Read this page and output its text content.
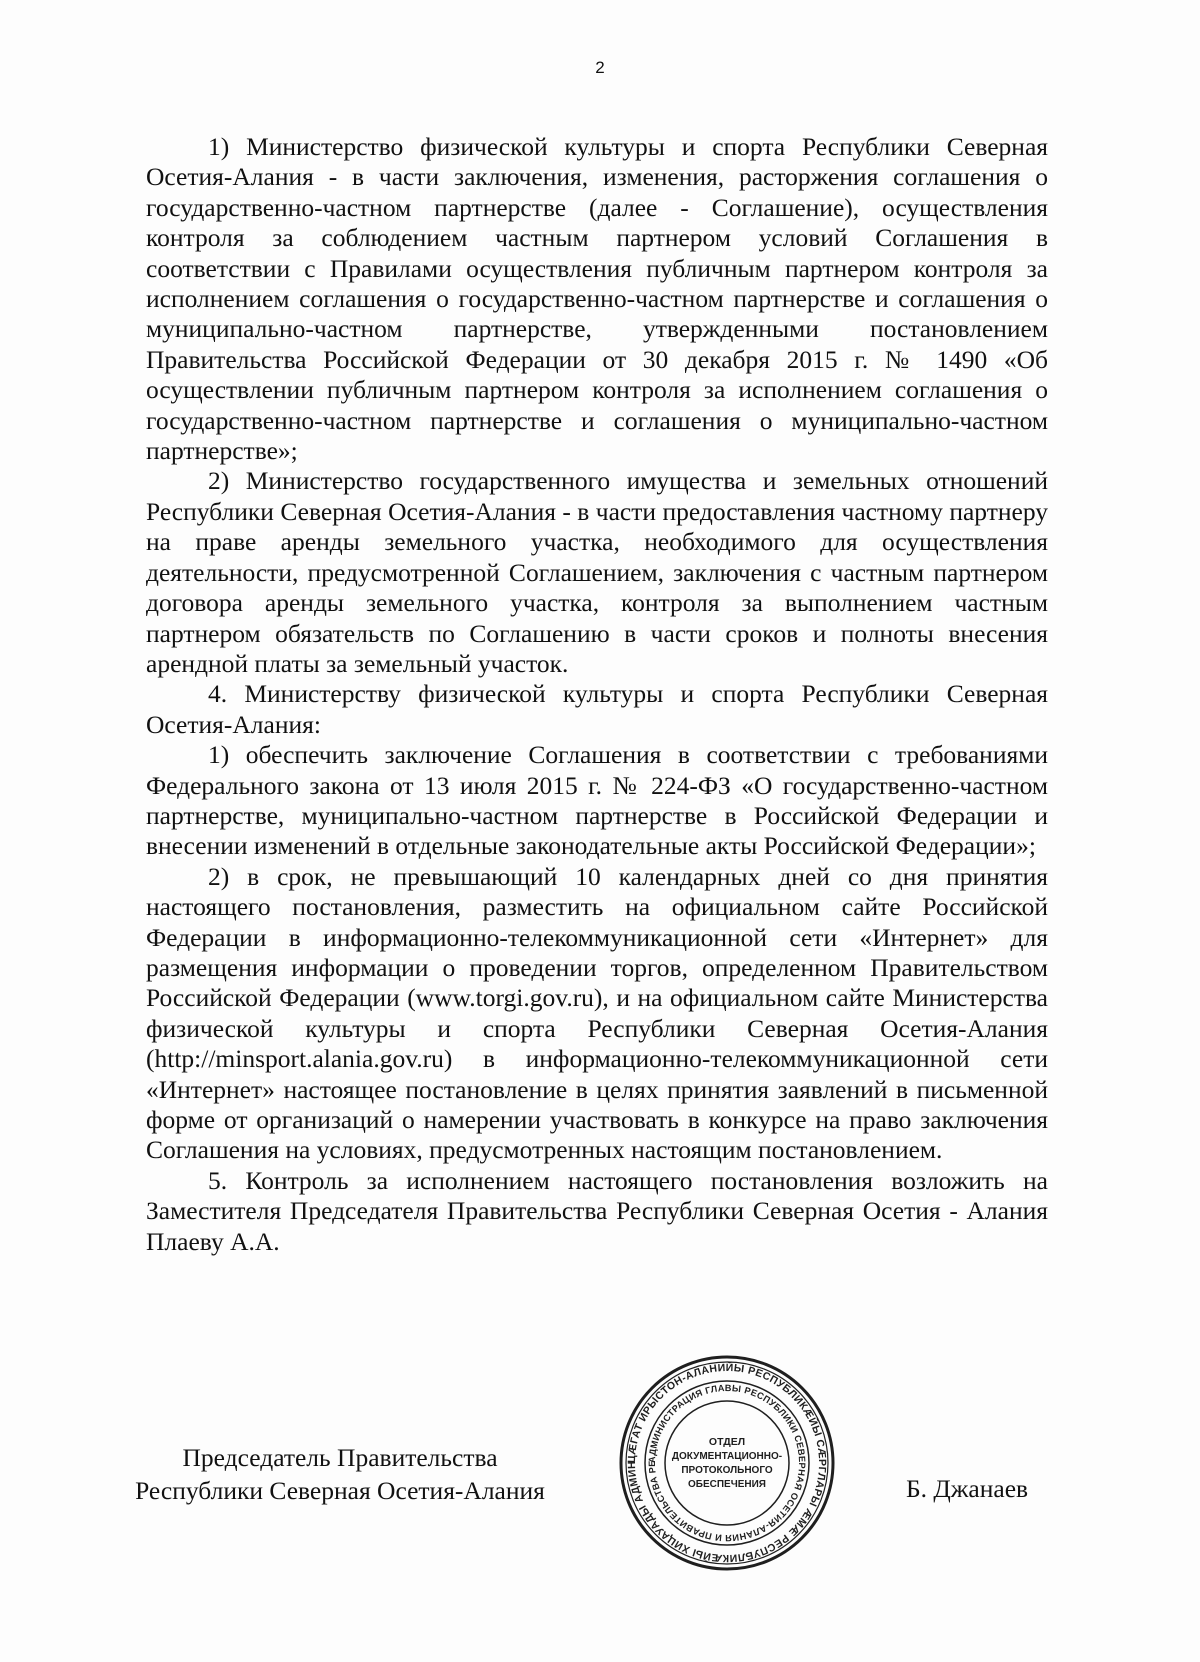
2

1) Министерство физической культуры и спорта Республики Северная Осетия-Алания - в части заключения, изменения, расторжения соглашения о государственно-частном партнерстве (далее - Соглашение), осуществления контроля за соблюдением частным партнером условий Соглашения в соответствии с Правилами осуществления публичным партнером контроля за исполнением соглашения о государственно-частном партнерстве и соглашения о муниципально-частном партнерстве, утвержденными постановлением Правительства Российской Федерации от 30 декабря 2015 г. № 1490 «Об осуществлении публичным партнером контроля за исполнением соглашения о государственно-частном партнерстве и соглашения о муниципально-частном партнерстве»;

2) Министерство государственного имущества и земельных отношений Республики Северная Осетия-Алания - в части предоставления частному партнеру на праве аренды земельного участка, необходимого для осуществления деятельности, предусмотренной Соглашением, заключения с частным партнером договора аренды земельного участка, контроля за выполнением частным партнером обязательств по Соглашению в части сроков и полноты внесения арендной платы за земельный участок.

4. Министерству физической культуры и спорта Республики Северная Осетия-Алания:

1) обеспечить заключение Соглашения в соответствии с требованиями Федерального закона от 13 июля 2015 г. № 224-ФЗ «О государственно-частном партнерстве, муниципально-частном партнерстве в Российской Федерации и внесении изменений в отдельные законодательные акты Российской Федерации»;

2) в срок, не превышающий 10 календарных дней со дня принятия настоящего постановления, разместить на официальном сайте Российской Федерации в информационно-телекоммуникационной сети «Интернет» для размещения информации о проведении торгов, определенном Правительством Российской Федерации (www.torgi.gov.ru), и на официальном сайте Министерства физической культуры и спорта Республики Северная Осетия-Алания (http://minsport.alania.gov.ru) в информационно-телекоммуникационной сети «Интернет» настоящее постановление в целях принятия заявлений в письменной форме от организаций о намерении участвовать в конкурсе на право заключения Соглашения на условиях, предусмотренных настоящим постановлением.

5. Контроль за исполнением настоящего постановления возложить на Заместителя Председателя Правительства Республики Северная Осетия - Алания Плаеву А.А.

Председатель Правительства
Республики Северная Осетия-Алания	Б. Джанаев
ЦÆГАТ ИРЫСТОН-АЛАНИЙЫ РЕСПУБЛИКÆЙЫ СÆРГЛАРЫ ÆМÆ РЕСПУБЛИКÆЙЫ ХИЦАУАДЫ АДМИН
АДМИНИСТРАЦИЯ ГЛАВЫ РЕСПУБЛИКИ СЕВЕРНАЯ ОСЕТИЯ-АЛАНИЯ И ПРАВИТЕЛЬСТВА РЕ
ОТДЕЛ
ДОКУМЕНТАЦИОННО-
ПРОТОКОЛЬНОГО
ОБЕСПЕЧЕНИЯ
